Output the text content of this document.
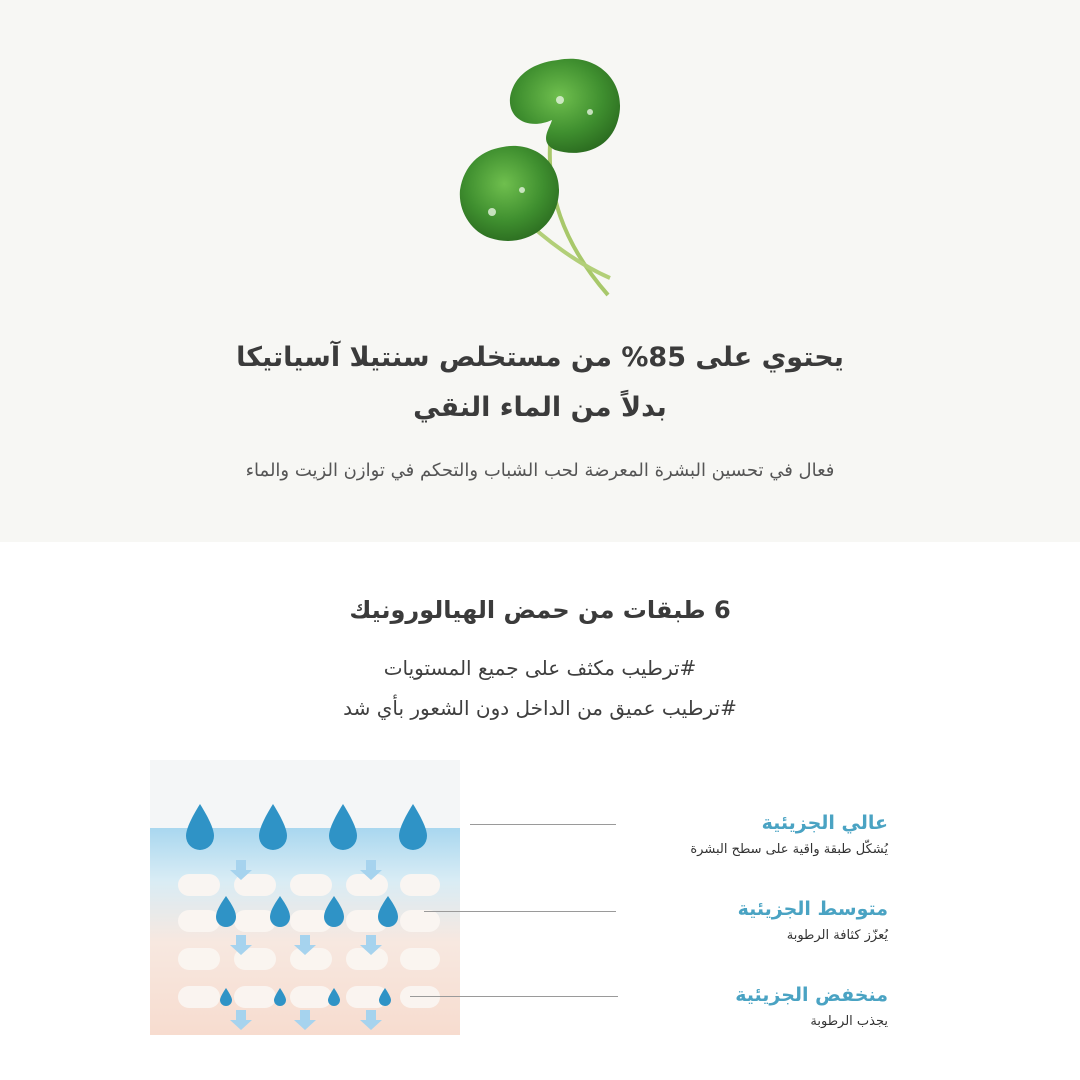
يحتوي على 85% من مستخلص سنتيلا آسياتيكا
بدلاً من الماء النقي
فعال في تحسين البشرة المعرضة لحب الشباب والتحكم في توازن الزيت والماء
6 طبقات من حمض الهيالورونيك
#ترطيب مكثف على جميع المستويات
#ترطيب عميق من الداخل دون الشعور بأي شد
عالي الجزيئية
يُشكّل طبقة واقية على سطح البشرة
متوسط الجزيئية
يُعزّز كثافة الرطوبة
منخفض الجزيئية
يجذب الرطوبة
